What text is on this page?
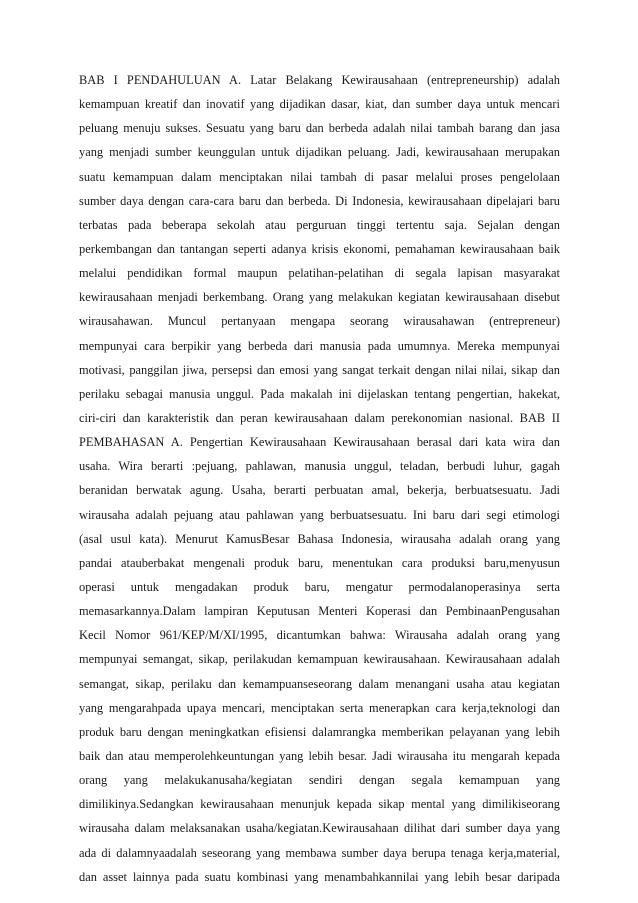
BAB I PENDAHULUAN A. Latar Belakang Kewirausahaan (entrepreneurship) adalah
kemampuan kreatif dan inovatif yang dijadikan dasar, kiat, dan sumber daya untuk mencari
peluang menuju sukses. Sesuatu yang baru dan berbeda adalah nilai tambah barang dan jasa
yang menjadi sumber keunggulan untuk dijadikan peluang. Jadi, kewirausahaan merupakan
suatu kemampuan dalam menciptakan nilai tambah di pasar melalui proses pengelolaan
sumber daya dengan cara-cara baru dan berbeda. Di Indonesia, kewirausahaan dipelajari baru
terbatas pada beberapa sekolah atau perguruan tinggi tertentu saja. Sejalan dengan
perkembangan dan tantangan seperti adanya krisis ekonomi, pemahaman kewirausahaan baik
melalui pendidikan formal maupun pelatihan-pelatihan di segala lapisan masyarakat
kewirausahaan menjadi berkembang. Orang yang melakukan kegiatan kewirausahaan disebut
wirausahawan. Muncul pertanyaan mengapa seorang wirausahawan (entrepreneur)
mempunyai cara berpikir yang berbeda dari manusia pada umumnya. Mereka mempunyai
motivasi, panggilan jiwa, persepsi dan emosi yang sangat terkait dengan nilai nilai, sikap dan
perilaku sebagai manusia unggul. Pada makalah ini dijelaskan tentang pengertian, hakekat,
ciri-ciri dan karakteristik dan peran kewirausahaan dalam perekonomian nasional. BAB II
PEMBAHASAN A. Pengertian Kewirausahaan Kewirausahaan berasal dari kata wira dan
usaha. Wira berarti :pejuang, pahlawan, manusia unggul, teladan, berbudi luhur, gagah
beranidan berwatak agung. Usaha, berarti perbuatan amal, bekerja, berbuatsesuatu. Jadi
wirausaha adalah pejuang atau pahlawan yang berbuatsesuatu. Ini baru dari segi etimologi
(asal usul kata). Menurut KamusBesar Bahasa Indonesia, wirausaha adalah orang yang
pandai atauberbakat mengenali produk baru, menentukan cara produksi baru,menyusun
operasi untuk mengadakan produk baru, mengatur permodalanoperasinya serta
memasarkannya.Dalam lampiran Keputusan Menteri Koperasi dan PembinaanPengusahan
Kecil Nomor 961/KEP/M/XI/1995, dicantumkan bahwa: Wirausaha adalah orang yang
mempunyai semangat, sikap, perilakudan kemampuan kewirausahaan. Kewirausahaan adalah
semangat, sikap, perilaku dan kemampuanseseorang dalam menangani usaha atau kegiatan
yang mengarahpada upaya mencari, menciptakan serta menerapkan cara kerja,teknologi dan
produk baru dengan meningkatkan efisiensi dalamrangka memberikan pelayanan yang lebih
baik dan atau memperolehkeuntungan yang lebih besar. Jadi wirausaha itu mengarah kepada
orang yang melakukanusaha/kegiatan sendiri dengan segala kemampuan yang
dimilikinya.Sedangkan kewirausahaan menunjuk kepada sikap mental yang dimilikiseorang
wirausaha dalam melaksanakan usaha/kegiatan.Kewirausahaan dilihat dari sumber daya yang
ada di dalamnyaadalah seseorang yang membawa sumber daya berupa tenaga kerja,material,
dan asset lainnya pada suatu kombinasi yang menambahkannilai yang lebih besar daripada
